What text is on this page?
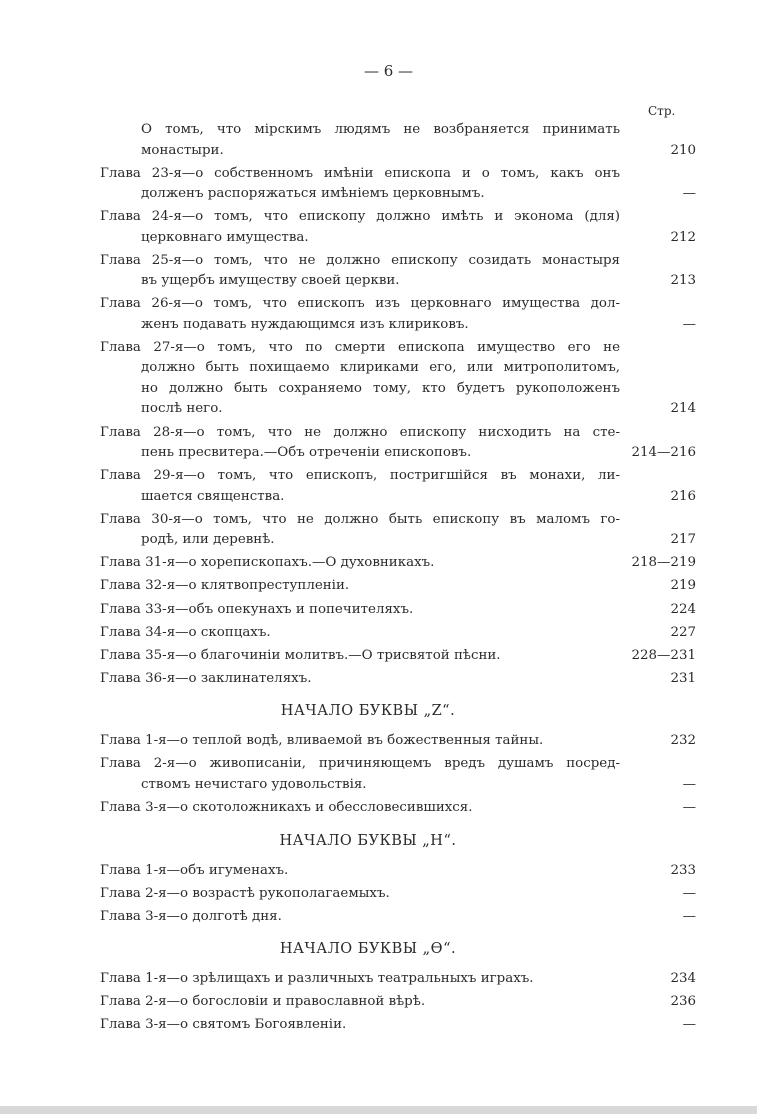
— 6 —
Стр.
О томъ, что мірскимъ людямъ не возбраняется принимать
монастыри.	210
Глава 23-я—о собственномъ имѣніи епископа и о томъ, какъ онъ
долженъ распоряжаться имѣніемъ церковнымъ.	—
Глава 24-я—о томъ, что епископу должно имѣть и эконома (для)
церковнаго имущества.	212
Глава 25-я—о томъ, что не должно епископу созидать монастыря
въ ущербъ имуществу своей церкви.	213
Глава 26-я—о томъ, что епископъ изъ церковнаго имущества дол-
женъ подавать нуждающимся изъ клириковъ.	—
Глава 27-я—о томъ, что по смерти епископа имущество его не
должно быть похищаемо клириками его, или митрополитомъ,
но должно быть сохраняемо тому, кто будетъ рукоположенъ
послѣ него.	214
Глава 28-я—о томъ, что не должно епископу нисходить на сте-
пень пресвитера.—Объ отреченіи епископовъ.	214—216
Глава 29-я—о томъ, что епископъ, постригшійся въ монахи, ли-
шается священства.	216
Глава 30-я—о томъ, что не должно быть епископу въ маломъ го-
родѣ, или деревнѣ.	217
Глава 31-я—о хорепископахъ.—О духовникахъ.	218—219
Глава 32-я—о клятвопреступленіи.	219
Глава 33-я—объ опекунахъ и попечителяхъ.	224
Глава 34-я—о скопцахъ.	227
Глава 35-я—о благочиніи молитвъ.—О трисвятой пѣсни.	228—231
Глава 36-я—о заклинателяхъ.	231
НАЧАЛО БУКВЫ „Z“.
Глава 1-я—о теплой водѣ, вливаемой въ божественныя тайны.	232
Глава 2-я—о живописаніи, причиняющемъ вредъ душамъ посред-
ствомъ нечистаго удовольствія.	—
Глава 3-я—о скотоложникахъ и обессловесившихся.	—
НАЧАЛО БУКВЫ „Н“.
Глава 1-я—объ игуменахъ.	233
Глава 2-я—о возрастѣ рукополагаемыхъ.	—
Глава 3-я—о долготѣ дня.	—
НАЧАЛО БУКВЫ „Ѳ“.
Глава 1-я—о зрѣлищахъ и различныхъ театральныхъ играхъ.	234
Глава 2-я—о богословіи и православной вѣрѣ.	236
Глава 3-я—о святомъ Богоявленіи.	—
